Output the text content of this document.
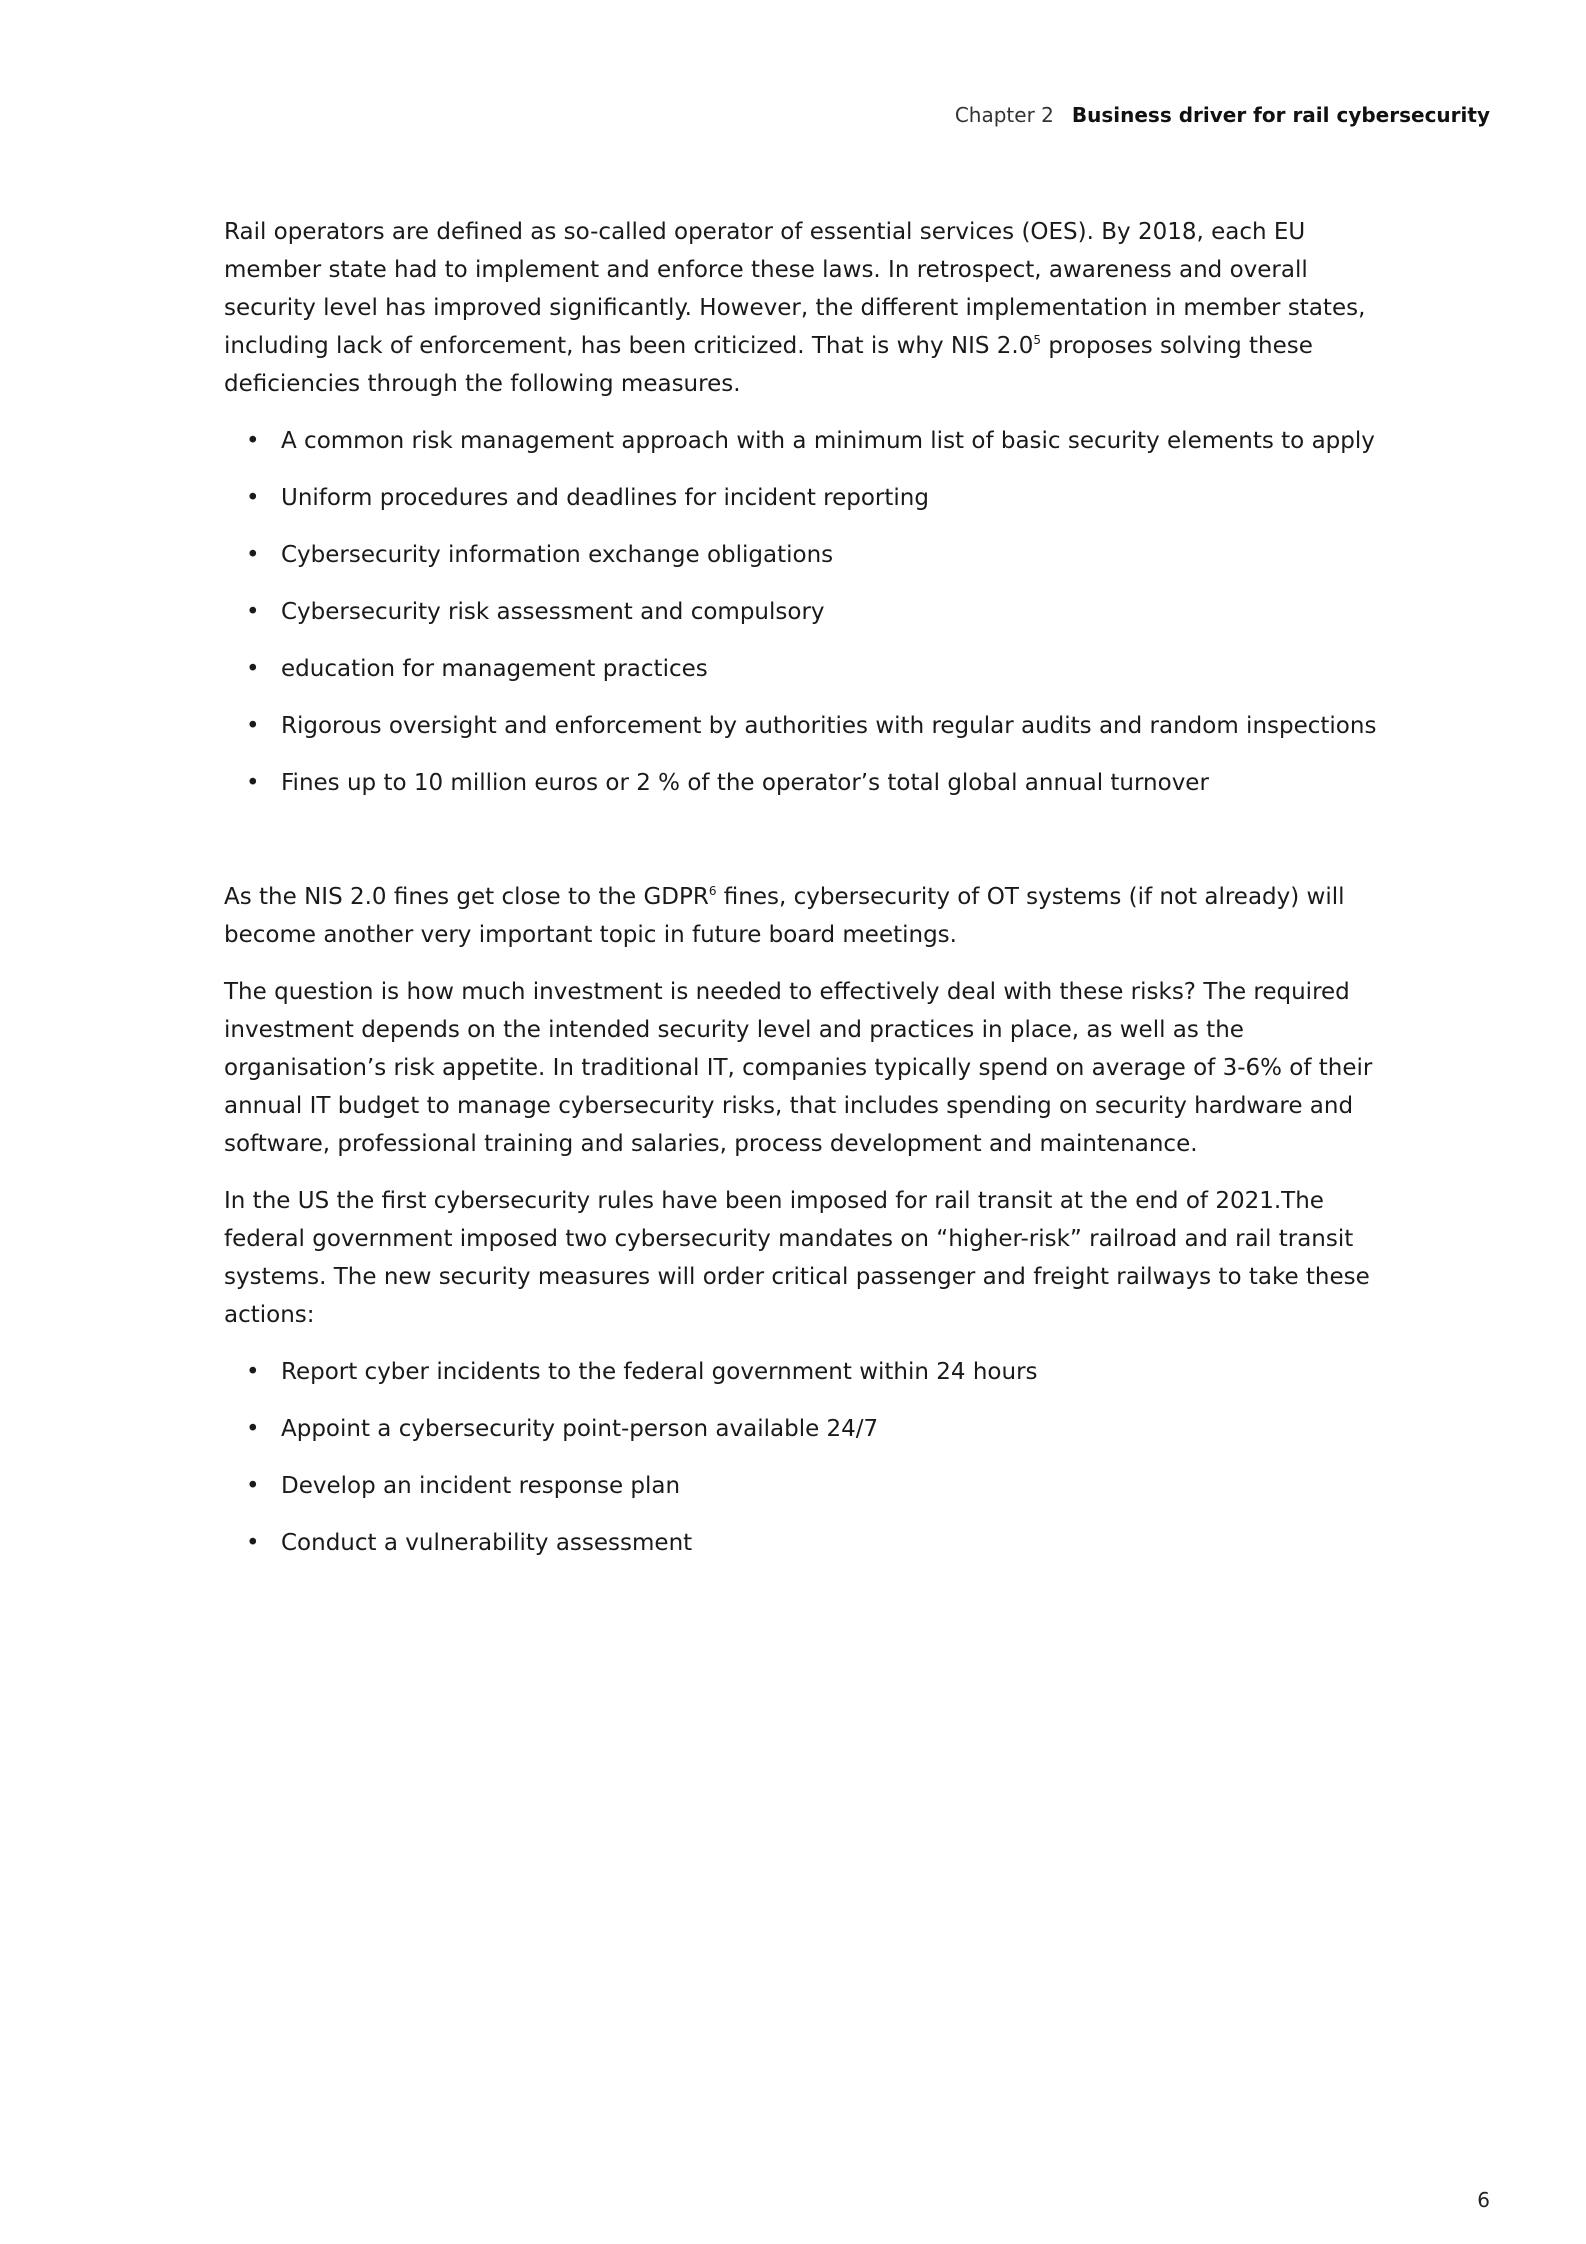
Chapter 2 Business driver for rail cybersecurity

Rail operators are defined as so-called operator of essential services (OES). By 2018, each EU member state had to implement and enforce these laws. In retrospect, awareness and overall security level has improved significantly. However, the different implementation in member states, including lack of enforcement, has been criticized. That is why NIS $2.0^5$ proposes solving these deficiencies through the following measures.

• A common risk management approach with a minimum list of basic security elements to apply
• Uniform procedures and deadlines for incident reporting
• Cybersecurity information exchange obligations
• Cybersecurity risk assessment and compulsory
• education for management practices
• Rigorous oversight and enforcement by authorities with regular audits and random inspections
• Fines up to 10 million euros or 2 % of the operator’s total global annual turnover

As the NIS 2.0 fines get close to the GDPR$^6$ fines, cybersecurity of OT systems (if not already) will become another very important topic in future board meetings.

The question is how much investment is needed to effectively deal with these risks? The required investment depends on the intended security level and practices in place, as well as the organisation’s risk appetite. In traditional IT, companies typically spend on average of 3-6% of their annual IT budget to manage cybersecurity risks, that includes spending on security hardware and software, professional training and salaries, process development and maintenance.

In the US the first cybersecurity rules have been imposed for rail transit at the end of 2021.The federal government imposed two cybersecurity mandates on “higher-risk” railroad and rail transit systems. The new security measures will order critical passenger and freight railways to take these actions:

• Report cyber incidents to the federal government within 24 hours
• Appoint a cybersecurity point-person available 24/7
• Develop an incident response plan
• Conduct a vulnerability assessment
6
